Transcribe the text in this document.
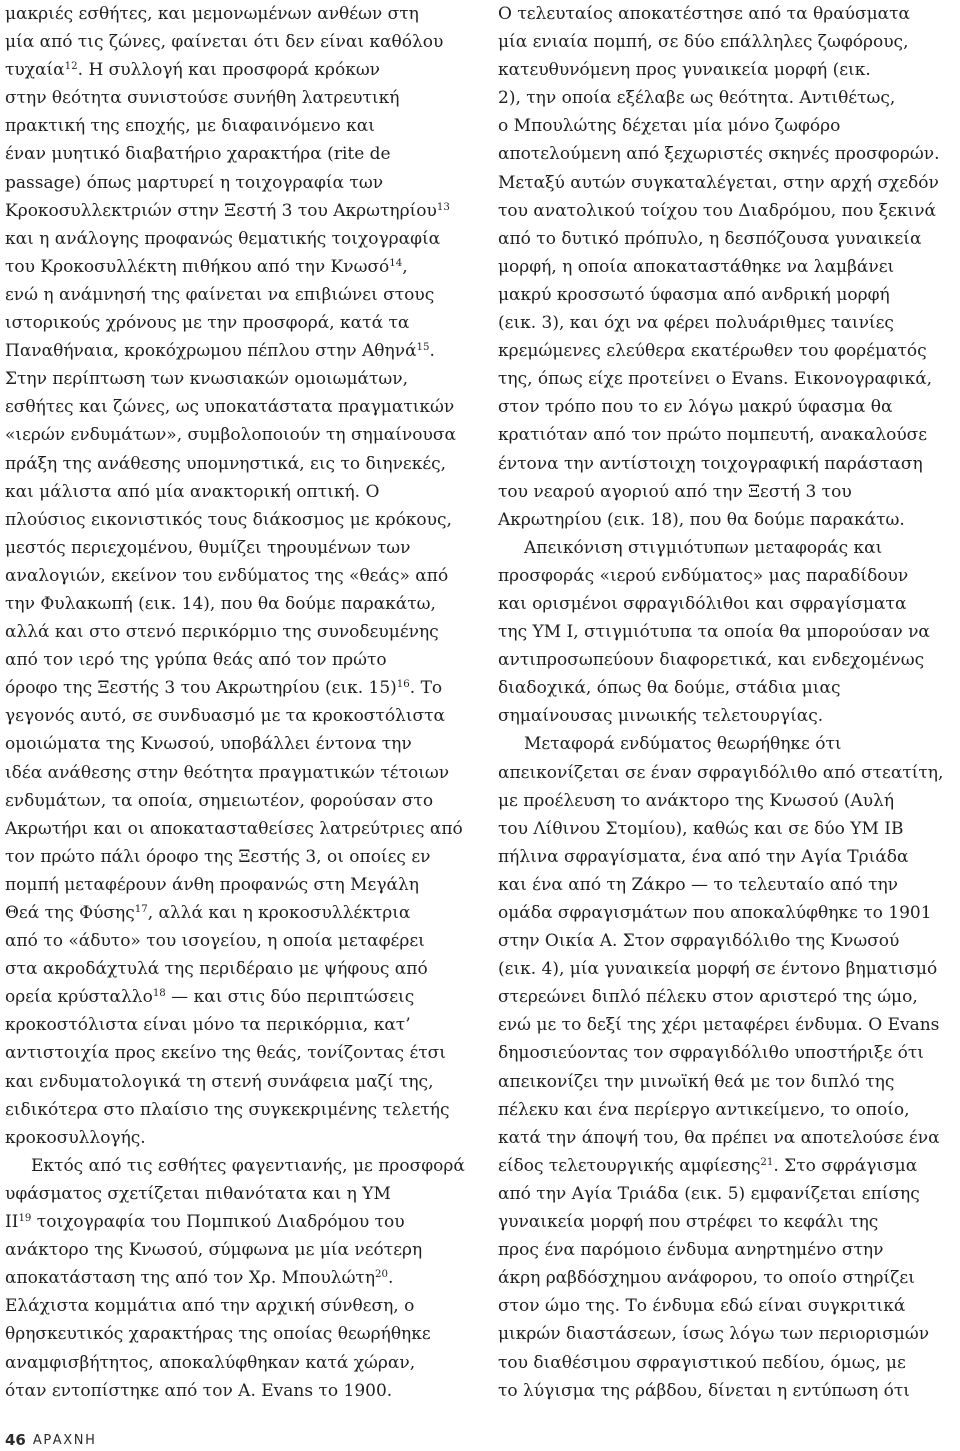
μακριές εσθήτες, και μεμονωμένων ανθέων στη
μία από τις ζώνες, φαίνεται ότι δεν είναι καθόλου
τυχαία$^{12}$. Η συλλογή και προσφορά κρόκων
στην θεότητα συνιστούσε συνήθη λατρευτική
πρακτική της εποχής, με διαφαινόμενο και
έναν μυητικό διαβατήριο χαρακτήρα (rite de
passage) όπως μαρτυρεί η τοιχογραφία των
Κροκοσυλλεκτριών στην Ξεστή 3 του Ακρωτηρίου$^{13}$
και η ανάλογης προφανώς θεματικής τοιχογραφία
του Κροκοσυλλέκτη πιθήκου από την Κνωσό$^{14}$,
ενώ η ανάμνησή της φαίνεται να επιβιώνει στους
ιστορικούς χρόνους με την προσφορά, κατά τα
Παναθήναια, κροκόχρωμου πέπλου στην Αθηνά$^{15}$.
Στην περίπτωση των κνωσιακών ομοιωμάτων,
εσθήτες και ζώνες, ως υποκατάστατα πραγματικών
«ιερών ενδυμάτων», συμβολοποιούν τη σημαίνουσα
πράξη της ανάθεσης υπομνηστικά, εις το διηνεκές,
και μάλιστα από μία ανακτορική οπτική. Ο
πλούσιος εικονιστικός τους διάκοσμος με κρόκους,
μεστός περιεχομένου, θυμίζει τηρουμένων των
αναλογιών, εκείνον του ενδύματος της «θεάς» από
την Φυλακωπή (εικ. 14), που θα δούμε παρακάτω,
αλλά και στο στενό περικόρμιο της συνοδευμένης
από τον ιερό της γρύπα θεάς από τον πρώτο
όροφο της Ξεστής 3 του Ακρωτηρίου (εικ. 15)$^{16}$. Το
γεγονός αυτό, σε συνδυασμό με τα κροκοστόλιστα
ομοιώματα της Κνωσού, υποβάλλει έντονα την
ιδέα ανάθεσης στην θεότητα πραγματικών τέτοιων
ενδυμάτων, τα οποία, σημειωτέον, φορούσαν στο
Ακρωτήρι και οι αποκατασταθείσες λατρεύτριες από
τον πρώτο πάλι όροφο της Ξεστής 3, οι οποίες εν
πομπή μεταφέρουν άνθη προφανώς στη Μεγάλη
Θεά της Φύσης$^{17}$, αλλά και η κροκοσυλλέκτρια
από το «άδυτο» του ισογείου, η οποία μεταφέρει
στα ακροδάχτυλά της περιδέραιο με ψήφους από
ορεία κρύσταλλο$^{18}$ — και στις δύο περιπτώσεις
κροκοστόλιστα είναι μόνο τα περικόρμια, κατ’
αντιστοιχία προς εκείνο της θεάς, τονίζοντας έτσι
και ενδυματολογικά τη στενή συνάφεια μαζί της,
ειδικότερα στο πλαίσιο της συγκεκριμένης τελετής
κροκοσυλλογής.
Εκτός από τις εσθήτες φαγεντιανής, με προσφορά
υφάσματος σχετίζεται πιθανότατα και η ΥΜ
ΙΙ$^{19}$ τοιχογραφία του Πομπικού Διαδρόμου του
ανάκτορο της Κνωσού, σύμφωνα με μία νεότερη
αποκατάσταση της από τον Χρ. Μπουλώτη$^{20}$.
Ελάχιστα κομμάτια από την αρχική σύνθεση, ο
θρησκευτικός χαρακτήρας της οποίας θεωρήθηκε
αναμφισβήτητος, αποκαλύφθηκαν κατά χώραν,
όταν εντοπίστηκε από τον Α. Evans το 1900.
Ο τελευταίος αποκατέστησε από τα θραύσματα
μία ενιαία πομπή, σε δύο επάλληλες ζωφόρους,
κατευθυνόμενη προς γυναικεία μορφή (εικ.
2), την οποία εξέλαβε ως θεότητα. Αντιθέτως,
ο Μπουλώτης δέχεται μία μόνο ζωφόρο
αποτελούμενη από ξεχωριστές σκηνές προσφορών.
Μεταξύ αυτών συγκαταλέγεται, στην αρχή σχεδόν
του ανατολικού τοίχου του Διαδρόμου, που ξεκινά
από το δυτικό πρόπυλο, η δεσπόζουσα γυναικεία
μορφή, η οποία αποκαταστάθηκε να λαμβάνει
μακρύ κροσσωτό ύφασμα από ανδρική μορφή
(εικ. 3), και όχι να φέρει πολυάριθμες ταινίες
κρεμώμενες ελεύθερα εκατέρωθεν του φορέματός
της, όπως είχε προτείνει ο Evans. Εικονογραφικά,
στον τρόπο που το εν λόγω μακρύ ύφασμα θα
κρατιόταν από τον πρώτο πομπευτή, ανακαλούσε
έντονα την αντίστοιχη τοιχογραφική παράσταση
του νεαρού αγοριού από την Ξεστή 3 του
Ακρωτηρίου (εικ. 18), που θα δούμε παρακάτω.
Απεικόνιση στιγμιότυπων μεταφοράς και
προσφοράς «ιερού ενδύματος» μας παραδίδουν
και ορισμένοι σφραγιδόλιθοι και σφραγίσματα
της ΥΜ Ι, στιγμιότυπα τα οποία θα μπορούσαν να
αντιπροσωπεύουν διαφορετικά, και ενδεχομένως
διαδοχικά, όπως θα δούμε, στάδια μιας
σημαίνουσας μινωικής τελετουργίας.
Μεταφορά ενδύματος θεωρήθηκε ότι
απεικονίζεται σε έναν σφραγιδόλιθο από στεατίτη,
με προέλευση το ανάκτορο της Κνωσού (Αυλή
του Λίθινου Στομίου), καθώς και σε δύο ΥΜ ΙΒ
πήλινα σφραγίσματα, ένα από την Αγία Τριάδα
και ένα από τη Ζάκρο — το τελευταίο από την
ομάδα σφραγισμάτων που αποκαλύφθηκε το 1901
στην Οικία Α. Στον σφραγιδόλιθο της Κνωσού
(εικ. 4), μία γυναικεία μορφή σε έντονο βηματισμό
στερεώνει διπλό πέλεκυ στον αριστερό της ώμο,
ενώ με το δεξί της χέρι μεταφέρει ένδυμα. Ο Evans
δημοσιεύοντας τον σφραγιδόλιθο υποστήριξε ότι
απεικονίζει την μινωϊκή θεά με τον διπλό της
πέλεκυ και ένα περίεργο αντικείμενο, το οποίο,
κατά την άποψή του, θα πρέπει να αποτελούσε ένα
είδος τελετουργικής αμφίεσης$^{21}$. Στο σφράγισμα
από την Αγία Τριάδα (εικ. 5) εμφανίζεται επίσης
γυναικεία μορφή που στρέφει το κεφάλι της
προς ένα παρόμοιο ένδυμα ανηρτημένο στην
άκρη ραβδόσχημου ανάφορου, το οποίο στηρίζει
στον ώμο της. Το ένδυμα εδώ είναι συγκριτικά
μικρών διαστάσεων, ίσως λόγω των περιορισμών
του διαθέσιμου σφραγιστικού πεδίου, όμως, με
το λύγισμα της ράβδου, δίνεται η εντύπωση ότι
46 ΑΡΑΧΝΗ
